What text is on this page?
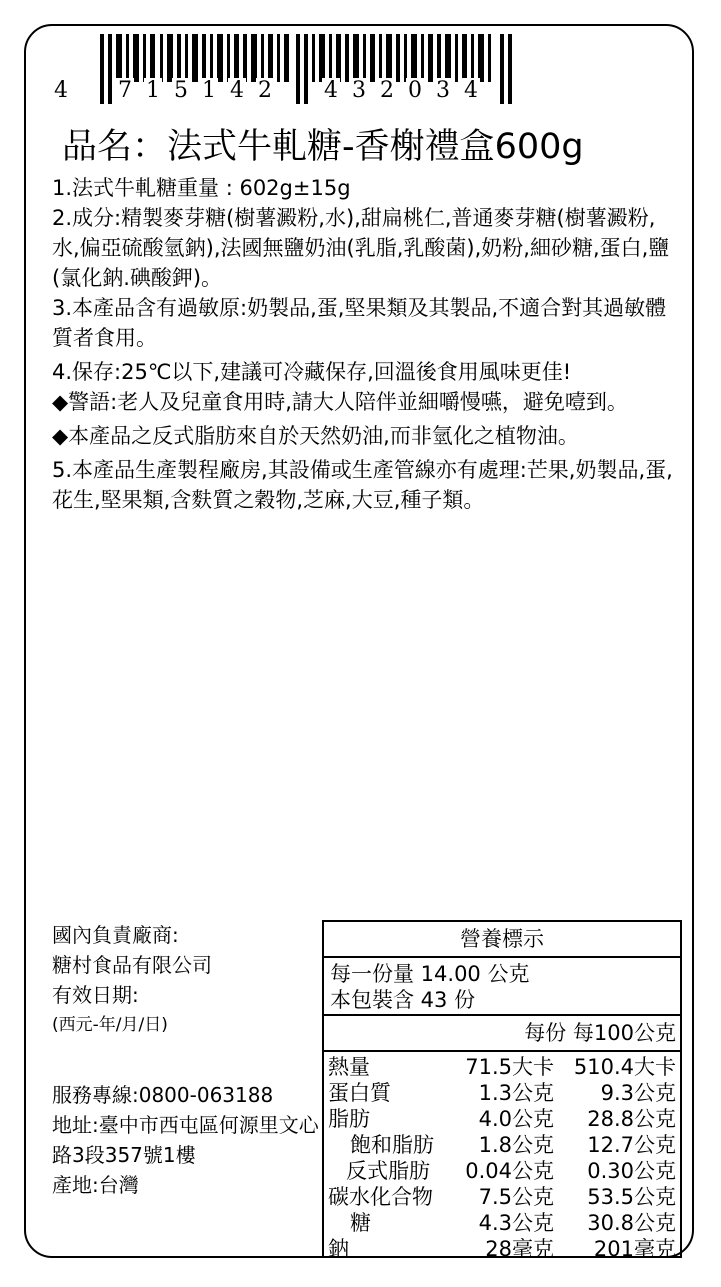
4 7 1 5 1 4 2 4 3 2 0 3 4
品名：法式牛軋糖-香榭禮盒600g

1.法式牛軋糖重量 : 602g±15g

2.成分:精製麥芽糖(樹薯澱粉,水),甜扁桃仁,普通麥芽糖(樹薯澱粉,水,偏亞硫酸氫鈉),法國無鹽奶油(乳脂,乳酸菌),奶粉,細砂糖,蛋白,鹽(氯化鈉.碘酸鉀)。

3.本產品含有過敏原:奶製品,蛋,堅果類及其製品,不適合對其過敏體質者食用。

4.保存:25℃以下,建議可冷藏保存,回溫後食用風味更佳!

◆警語:老人及兒童食用時,請大人陪伴並細嚼慢嚥，避免噎到。

◆本產品之反式脂肪來自於天然奶油,而非氫化之植物油。

5.本產品生產製程廠房,其設備或生產管線亦有處理:芒果,奶製品,蛋,花生,堅果類,含麩質之穀物,芝麻,大豆,種子類。

國內負責廠商:
糖村食品有限公司
有效日期:
(西元-年/月/日)
服務專線:0800-063188
地址:臺中市西屯區何源里文心路3段357號1樓
產地:台灣
營養標示
每一份量 14.00 公克
本包裝含 43 份
每份 每100公克
熱量	71.5大卡 510.4大卡
蛋白質	1.3公克	9.3公克
脂肪	4.0公克	28.8公克
飽和脂肪	1.8公克	12.7公克
反式脂肪	0.04公克	0.30公克
碳水化合物	7.5公克	53.5公克
糖	4.3公克	30.8公克
鈉	28毫克	201毫克
